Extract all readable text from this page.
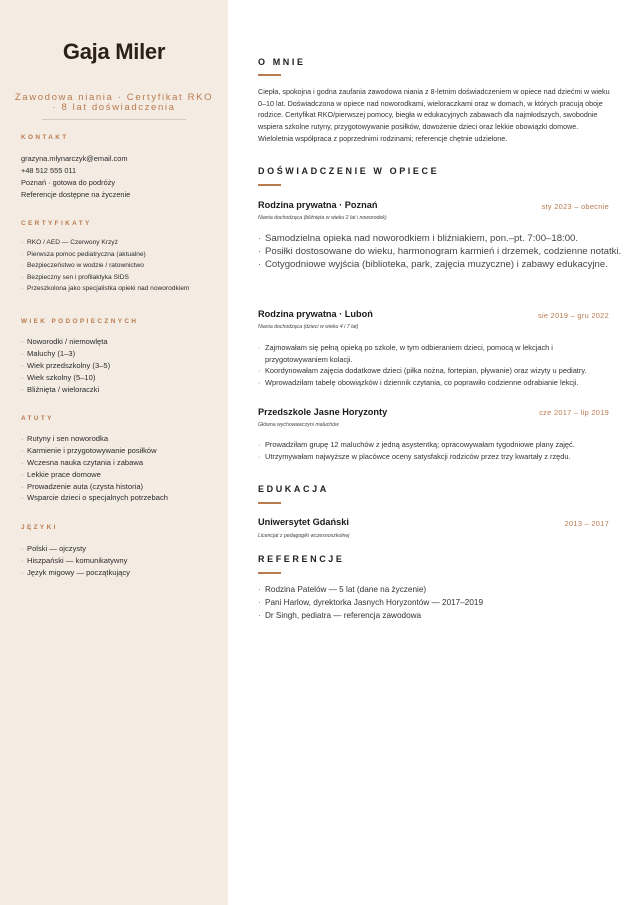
Gaja Miler
Zawodowa niania · Certyfikat RKO · 8 lat doświadczenia
KONTAKT
grazyna.mlynarczyk@email.com
+48 512 555 011
Poznań · gotowa do podróży
Referencje dostępne na życzenie
CERTYFIKATY
· RKO / AED — Czerwony Krzyż
· Pierwsza pomoc pediatryczna (aktualne)
· Bezpieczeństwo w wodzie / ratownictwo
· Bezpieczny sen i profilaktyka SIDS
· Przeszkolona jako specjalistka opieki nad noworodkiem
WIEK PODOPIECZNYCH
· Noworodki / niemowlęta
· Maluchy (1–3)
· Wiek przedszkolny (3–5)
· Wiek szkolny (5–10)
· Bliźnięta / wieloraczki
ATUTY
· Rutyny i sen noworodka
· Karmienie i przygotowywanie posiłków
· Wczesna nauka czytania i zabawa
· Lekkie prace domowe
· Prowadzenie auta (czysta historia)
· Wsparcie dzieci o specjalnych potrzebach
JĘZYKI
· Polski — ojczysty
· Hiszpański — komunikatywny
· Język migowy — początkujący
O MNIE

Ciepła, spokojna i godna zaufania zawodowa niania z 8-letnim doświadczeniem w opiece nad dziećmi w wieku 0–10 lat. Doświadczona w opiece nad noworodkami, wieloraczkami oraz w domach, w których pracują oboje rodzice. Certyfikat RKO/pierwszej pomocy, biegła w edukacyjnych zabawach dla najmłodszych, swobodnie wspiera szkolne rutyny, przygotowywanie posiłków, dowożenie dzieci oraz lekkie obowiązki domowe. Wieloletnia współpraca z poprzednimi rodzinami; referencje chętnie udzielone.

DOŚWIADCZENIE W OPIECE
Rodzina prywatna · Poznań	sty 2023 – obecnie
Niania dochodząca (bliźnięta w wieku 2 lat i noworodek)
· Samodzielna opieka nad noworodkiem i bliźniakiem, pon.–pt. 7:00–18:00.
· Posiłki dostosowane do wieku, harmonogram karmień i drzemek, codzienne notatki.
· Cotygodniowe wyjścia (biblioteka, park, zajęcia muzyczne) i zabawy edukacyjne.
Rodzina prywatna · Luboń	sie 2019 – gru 2022
Niania dochodząca (dzieci w wieku 4 i 7 lat)
· Zajmowałam się pełną opieką po szkole, w tym odbieraniem dzieci, pomocą w lekcjach i przygotowywaniem kolacji.
· Koordynowałam zajęcia dodatkowe dzieci (piłka nożna, fortepian, pływanie) oraz wizyty u pediatry.
· Wprowadziłam tabelę obowiązków i dziennik czytania, co poprawiło codzienne odrabianie lekcji.
Przedszkole Jasne Horyzonty	cze 2017 – lip 2019
Główna wychowawczyni maluchów
· Prowadziłam grupę 12 maluchów z jedną asystentką; opracowywałam tygodniowe plany zajęć.
· Utrzymywałam najwyższe w placówce oceny satysfakcji rodziców przez trzy kwartały z rzędu.
EDUKACJA
Uniwersytet Gdański	2013 – 2017
Licencjat z pedagogiki wczesnoszkolnej
REFERENCJE
· Rodzina Patelów — 5 lat (dane na życzenie)
· Pani Harlow, dyrektorka Jasnych Horyzontów — 2017–2019
· Dr Singh, pediatra — referencja zawodowa
